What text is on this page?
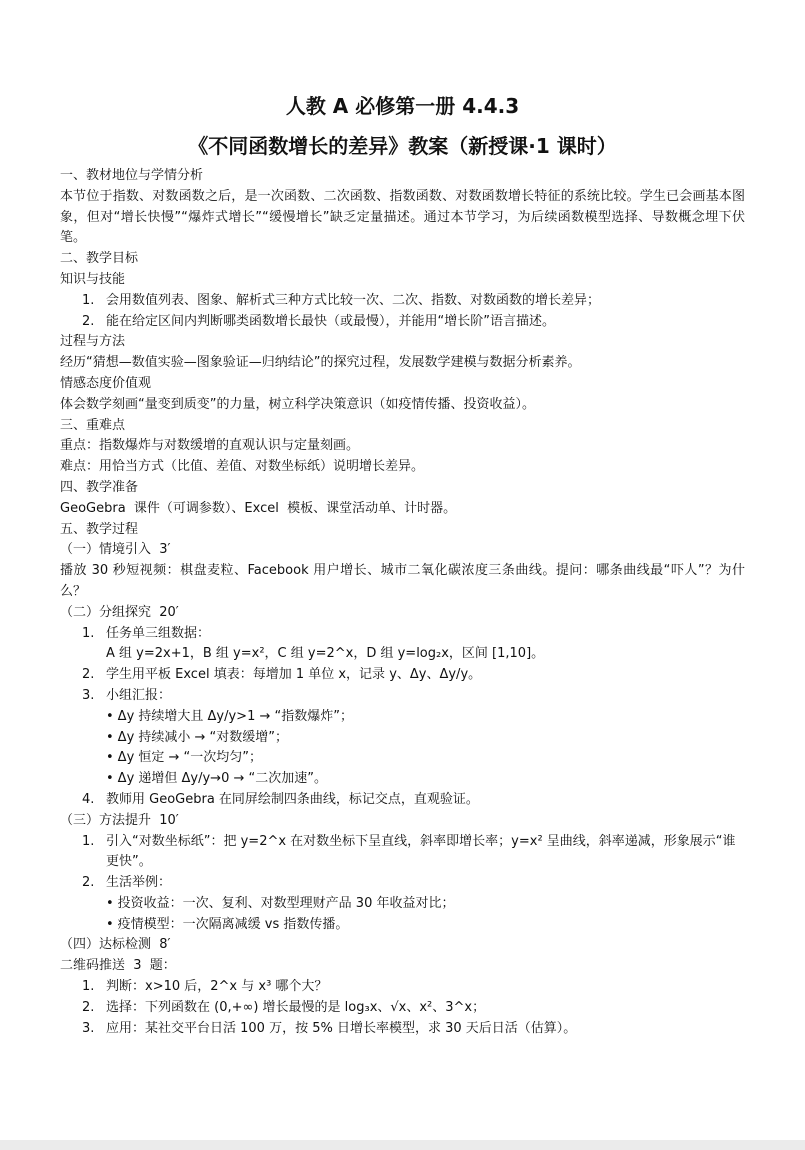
人教 A 必修第一册 4.4.3
《不同函数增长的差异》教案（新授课·1 课时）
一、教材地位与学情分析
本节位于指数、对数函数之后，是一次函数、二次函数、指数函数、对数函数增长特征的系统比较。学生已会画基本图象，但对“增长快慢”“爆炸式增长”“缓慢增长”缺乏定量描述。通过本节学习，为后续函数模型选择、导数概念埋下伏笔。
二、教学目标
知识与技能
1. 会用数值列表、图象、解析式三种方式比较一次、二次、指数、对数函数的增长差异；
2. 能在给定区间内判断哪类函数增长最快（或最慢），并能用“增长阶”语言描述。
过程与方法
经历“猜想—数值实验—图象验证—归纳结论”的探究过程，发展数学建模与数据分析素养。
情感态度价值观
体会数学刻画“量变到质变”的力量，树立科学决策意识（如疫情传播、投资收益）。
三、重难点
重点：指数爆炸与对数缓增的直观认识与定量刻画。
难点：用恰当方式（比值、差值、对数坐标纸）说明增长差异。
四、教学准备
GeoGebra  课件（可调参数）、Excel  模板、课堂活动单、计时器。
五、教学过程
（一）情境引入  3′
播放 30 秒短视频：棋盘麦粒、Facebook 用户增长、城市二氧化碳浓度三条曲线。提问：哪条曲线最“吓人”？为什么？
（二）分组探究  20′
1. 任务单三组数据：
A 组 y=2x+1，B 组 y=x²，C 组 y=2^x，D 组 y=log₂x，区间 [1,10]。
2. 学生用平板 Excel 填表：每增加 1 单位 x，记录 y、Δy、Δy/y。
3. 小组汇报：
• Δy 持续增大且 Δy/y>1 → “指数爆炸”；
• Δy 持续减小 → “对数缓增”；
• Δy 恒定 → “一次均匀”；
• Δy 递增但 Δy/y→0 → “二次加速”。
4. 教师用 GeoGebra 在同屏绘制四条曲线，标记交点，直观验证。
（三）方法提升  10′
1. 引入“对数坐标纸”：把 y=2^x 在对数坐标下呈直线，斜率即增长率；y=x² 呈曲线，斜率递减，形象展示“谁更快”。
2. 生活举例：
• 投资收益：一次、复利、对数型理财产品 30 年收益对比；
• 疫情模型：一次隔离减缓 vs 指数传播。
（四）达标检测  8′
二维码推送  3  题：
1. 判断：x>10 后，2^x 与 x³ 哪个大？
2. 选择：下列函数在 (0,+∞) 增长最慢的是 log₃x、√x、x²、3^x；
3. 应用：某社交平台日活 100 万，按 5% 日增长率模型，求 30 天后日活（估算）。
